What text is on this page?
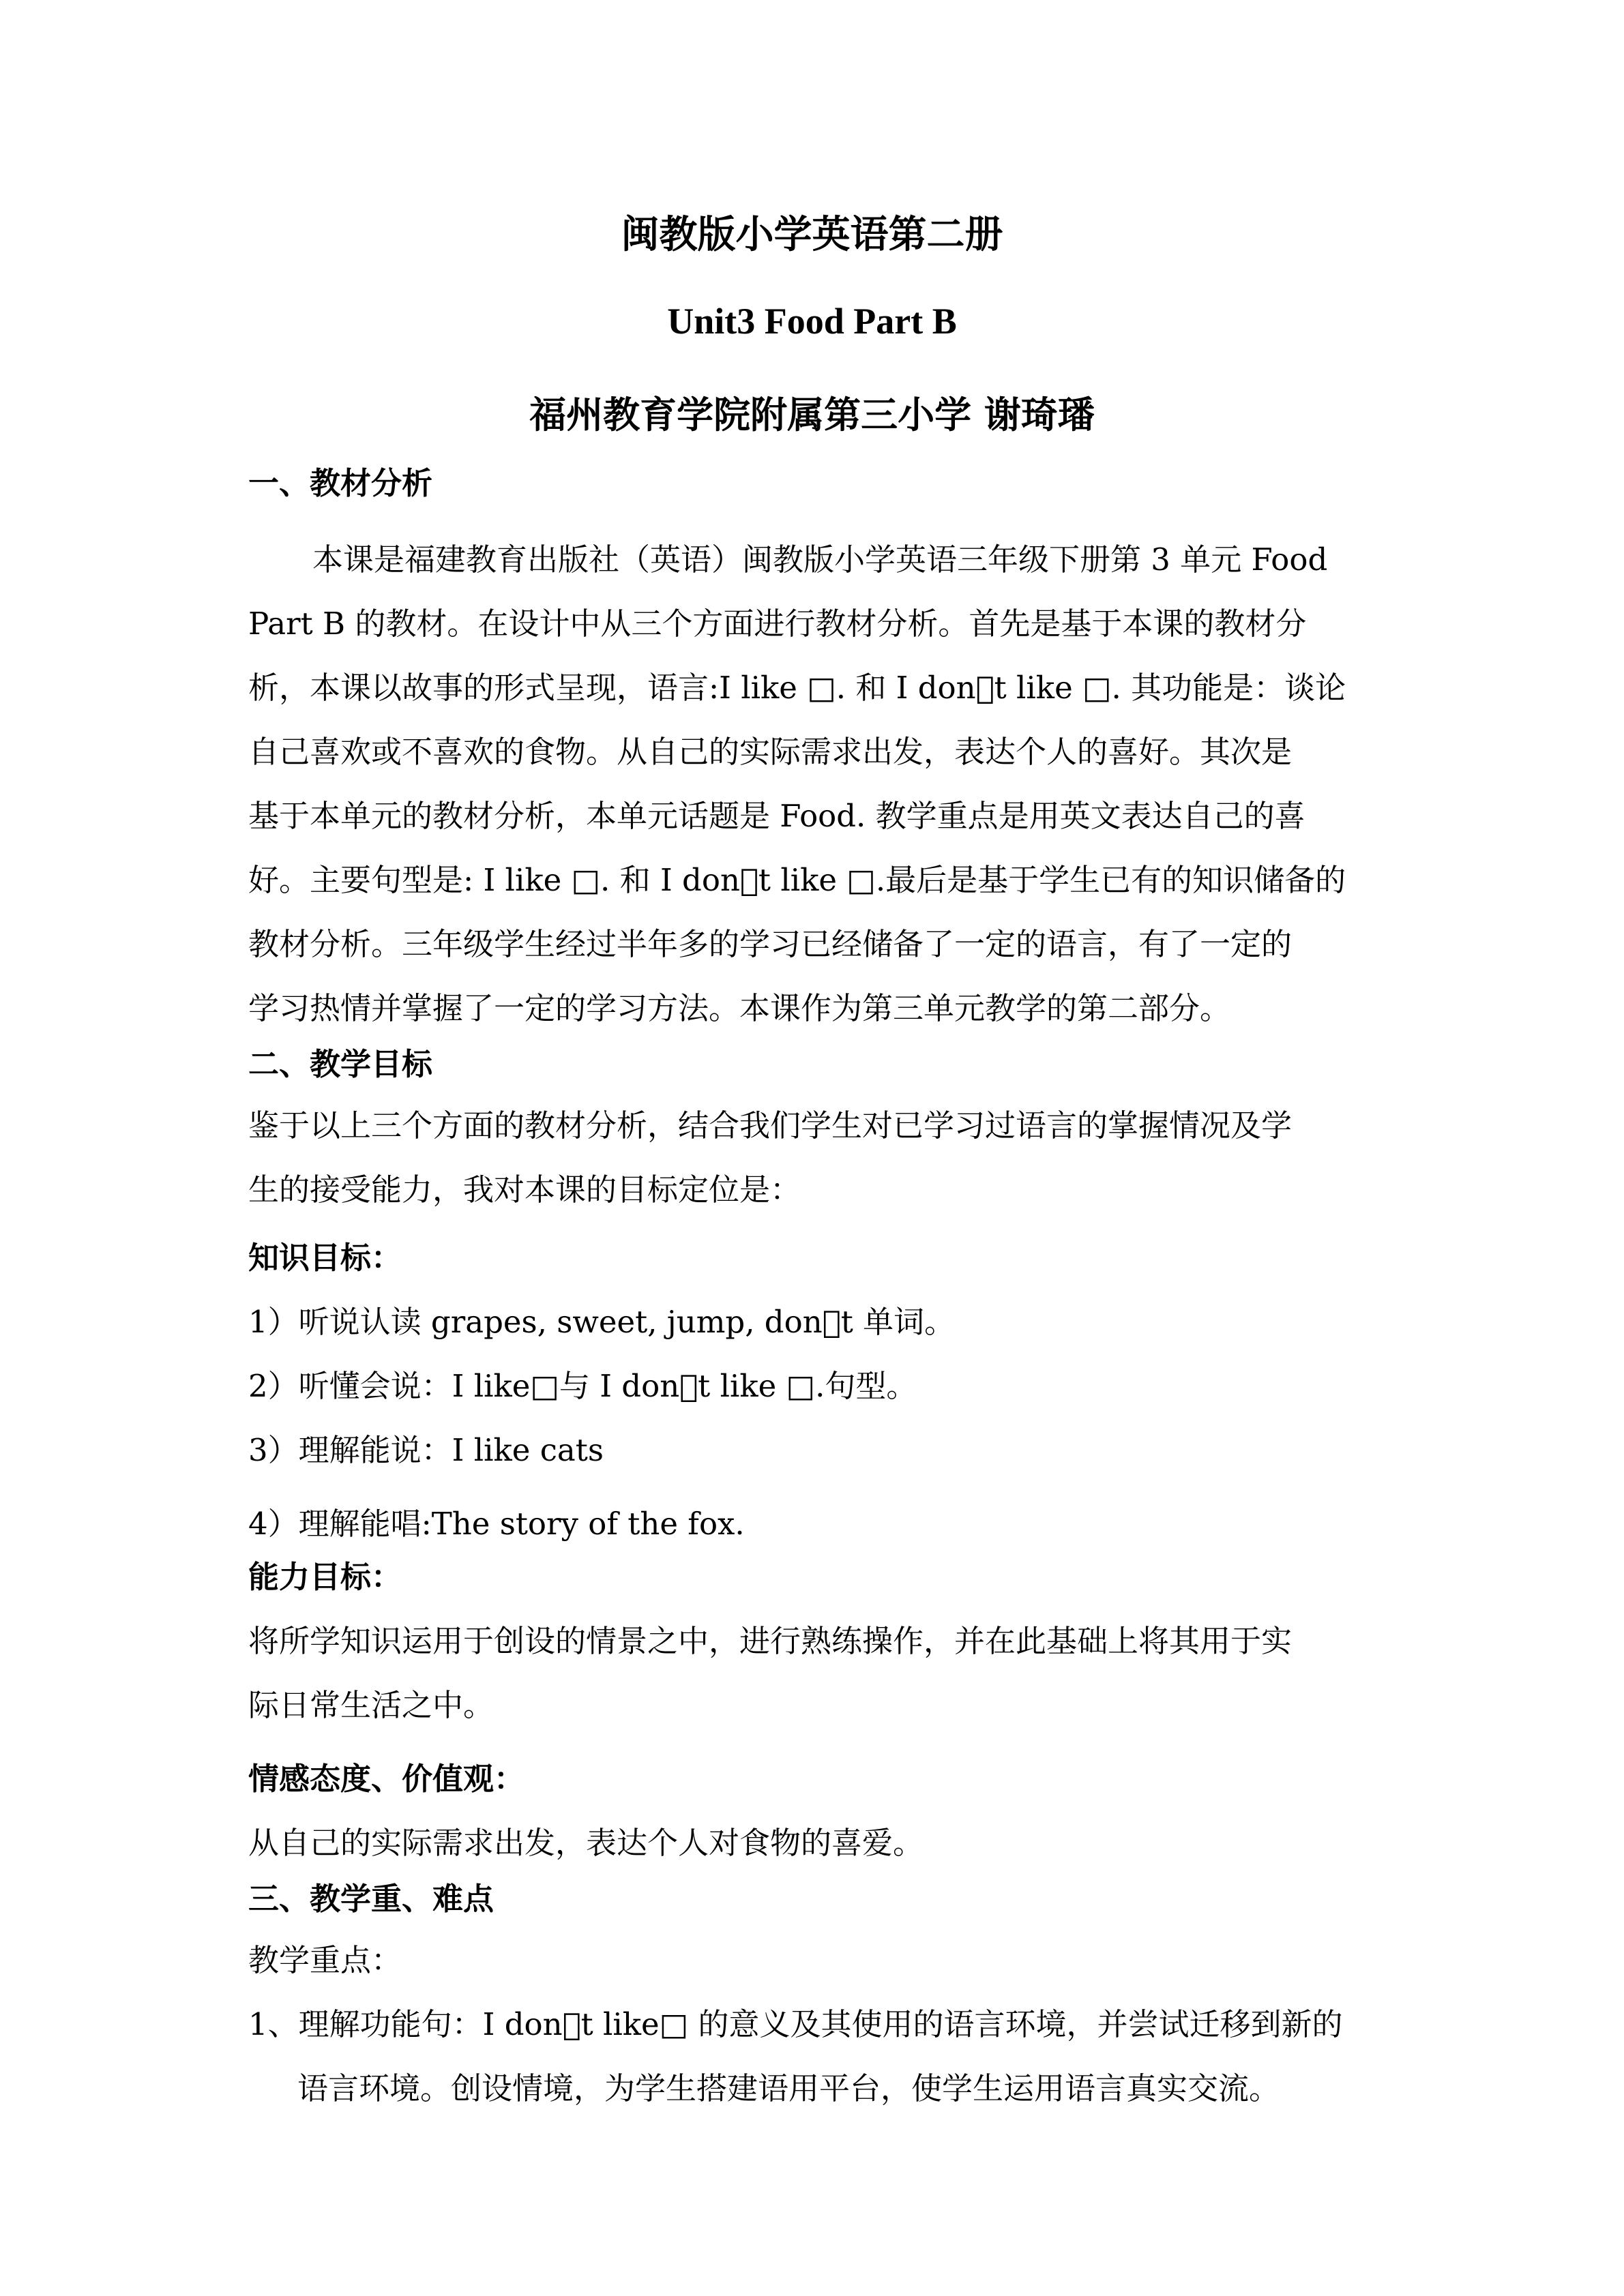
闽教版小学英语第二册
Unit3 Food Part B
福州教育学院附属第三小学 谢琦璠
一、教材分析
本课是福建教育出版社（英语）闽教版小学英语三年级下册第 3 单元 Food
Part B 的教材。在设计中从三个方面进行教材分析。首先是基于本课的教材分
析，本课以故事的形式呈现，语言:I like □. 和 I don t like □. 其功能是：谈论
自己喜欢或不喜欢的食物。从自己的实际需求出发，表达个人的喜好。其次是
基于本单元的教材分析，本单元话题是 Food. 教学重点是用英文表达自己的喜
好。主要句型是: I like □. 和 I don t like □.最后是基于学生已有的知识储备的
教材分析。三年级学生经过半年多的学习已经储备了一定的语言，有了一定的
学习热情并掌握了一定的学习方法。本课作为第三单元教学的第二部分。
二、教学目标
鉴于以上三个方面的教材分析，结合我们学生对已学习过语言的掌握情况及学
生的接受能力，我对本课的目标定位是：
知识目标：
1）听说认读 grapes, sweet, jump, don t 单词。
2）听懂会说：I like□与 I don t like □.句型。
3）理解能说：I like cats
4）理解能唱:The story of the fox.
能力目标：
将所学知识运用于创设的情景之中，进行熟练操作，并在此基础上将其用于实
际日常生活之中。
情感态度、价值观：
从自己的实际需求出发，表达个人对食物的喜爱。
三、教学重、难点
教学重点：
1、理解功能句：I don t like□ 的意义及其使用的语言环境，并尝试迁移到新的
语言环境。创设情境，为学生搭建语用平台，使学生运用语言真实交流。
